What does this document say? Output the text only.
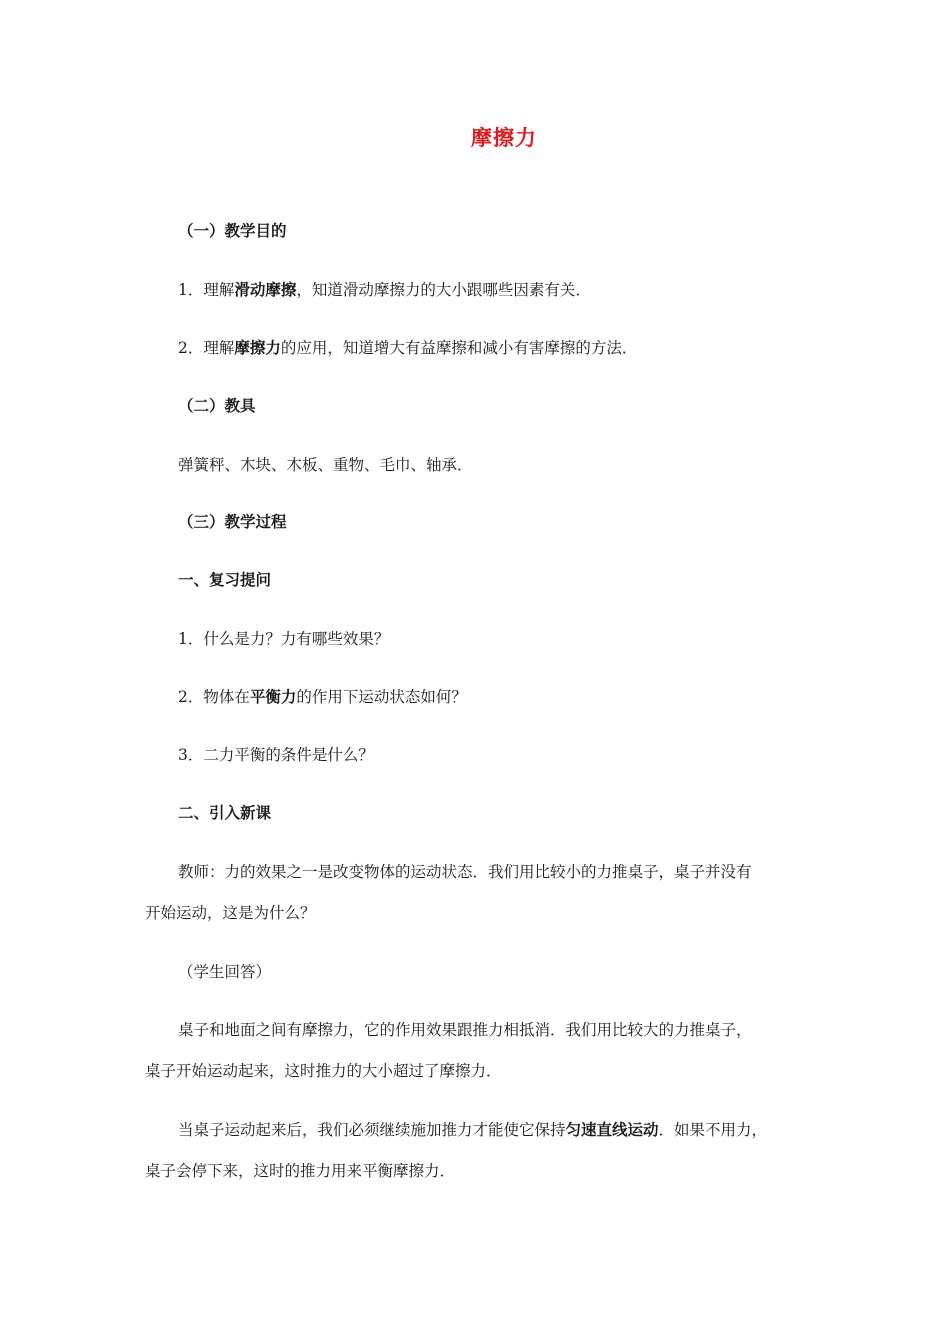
摩擦力
（一）教学目的
1．理解滑动摩擦，知道滑动摩擦力的大小跟哪些因素有关．
2．理解摩擦力的应用，知道增大有益摩擦和减小有害摩擦的方法．
（二）教具
弹簧秤、木块、木板、重物、毛巾、轴承．
（三）教学过程
一、复习提问
1．什么是力？力有哪些效果？
2．物体在平衡力的作用下运动状态如何？
3．二力平衡的条件是什么？
二、引入新课
教师：力的效果之一是改变物体的运动状态．我们用比较小的力推桌子，桌子并没有
开始运动，这是为什么？
（学生回答）
桌子和地面之间有摩擦力，它的作用效果跟推力相抵消．我们用比较大的力推桌子，
桌子开始运动起来，这时推力的大小超过了摩擦力．
当桌子运动起来后，我们必须继续施加推力才能使它保持匀速直线运动．如果不用力，
桌子会停下来，这时的推力用来平衡摩擦力．
